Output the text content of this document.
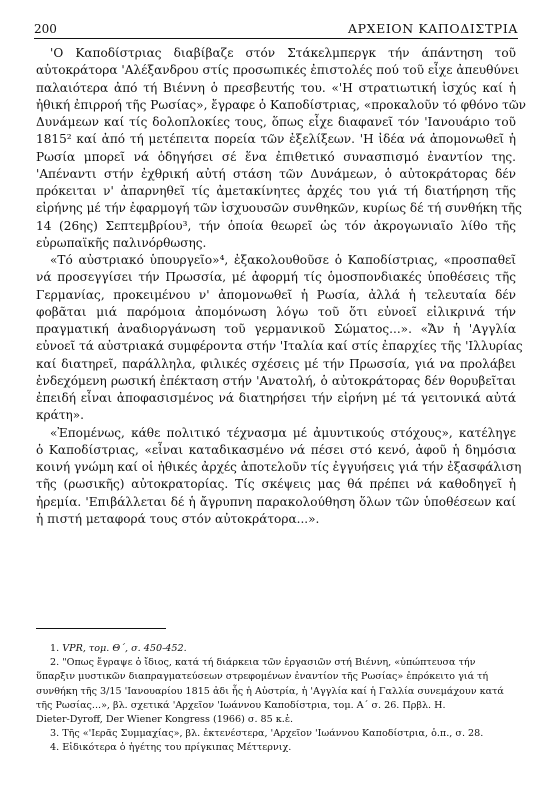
200	ΑΡΧΕΙΟΝ ΚΑΠΟΔΙΣΤΡΙΑ

'Ο Καποδίστριας διαβίβαζε στόν Στάκελμπεργκ τήν άπάντηση τοῦ
αὐτοκράτορα 'Αλέξανδρου στίς προσωπικές ἐπιστολές πού τοῦ εἶχε ἀπευθύνει
παλαιότερα ἀπό τή Βιέννη ὁ πρεσβευτής του. «'Η στρατιωτική ἰσχύς καί ἡ
ἠθική ἐπιρροή τῆς Ρωσίας», ἔγραφε ὁ Καποδίστριας, «προκαλοῦν τό φθόνο τῶν
Δυνάμεων καί τίς δολοπλοκίες τους, ὅπως εἶχε διαφανεῖ τόν 'Ιανουάριο τοῦ
1815² καί ἀπό τή μετέπειτα πορεία τῶν ἐξελίξεων. 'Η ἰδέα νά ἀπομονωθεῖ ἡ
Ρωσία μπορεῖ νά ὁδηγήσει σέ ἕνα ἐπιθετικό συνασπισμό ἐναντίον της.
'Απέναντι στήν ἐχθρική αὐτή στάση τῶν Δυνάμεων, ὁ αὐτοκράτορας δέν
πρόκειται ν' ἀπαρνηθεῖ τίς ἀμετακίνητες ἀρχές του γιά τή διατήρηση τῆς
εἰρήνης μέ τήν ἐφαρμογή τῶν ἰσχυουσῶν συνθηκῶν, κυρίως δέ τή συνθήκη τῆς
14 (26ης) Σεπτεμβρίου³, τήν ὁποία θεωρεῖ ὡς τόν ἀκρογωνιαῖο λίθο τῆς
εὐρωπαϊκῆς παλινόρθωσης.

«Τό αὐστριακό ὑπουργεῖο»⁴, ἐξακολουθοῦσε ὁ Καποδίστριας, «προσπαθεῖ
νά προσεγγίσει τήν Πρωσσία, μέ ἀφορμή τίς ὁμοσπονδιακές ὑποθέσεις τῆς
Γερμανίας, προκειμένου ν' ἀπομονωθεῖ ἡ Ρωσία, ἀλλά ἡ τελευταία δέν
φοβᾶται μιά παρόμοια ἀπομόνωση λόγω τοῦ ὅτι εὐνοεῖ εἰλικρινά τήν
πραγματική ἀναδιοργάνωση τοῦ γερμανικοῦ Σώματος...». «Ἄν ἡ 'Αγγλία
εὐνοεῖ τά αὐστριακά συμφέροντα στήν 'Ιταλία καί στίς ἐπαρχίες τῆς 'Ιλλυρίας
καί διατηρεῖ, παράλληλα, φιλικές σχέσεις μέ τήν Πρωσσία, γιά να προλάβει
ἐνδεχόμενη ρωσική ἐπέκταση στήν 'Ανατολή, ὁ αὐτοκράτορας δέν θορυβεῖται
ἐπειδή εἶναι ἀποφασισμένος νά διατηρήσει τήν εἰρήνη μέ τά γειτονικά αὐτά
κράτη».

«Ἐπομένως, κάθε πολιτικό τέχνασμα μέ ἀμυντικούς στόχους», κατέληγε
ὁ Καποδίστριας, «εἶναι καταδικασμένο νά πέσει στό κενό, ἀφοῦ ἡ δημόσια
κοινή γνώμη καί οἱ ἠθικές ἀρχές ἀποτελοῦν τίς ἐγγυήσεις γιά τήν ἐξασφάλιση
τῆς (ρωσικῆς) αὐτοκρατορίας. Τίς σκέψεις μας θά πρέπει νά καθοδηγεῖ ἡ
ἠρεμία. 'Επιβάλλεται δέ ἡ ἄγρυπνη παρακολούθηση ὅλων τῶν ὑποθέσεων καί
ἡ πιστή μεταφορά τους στόν αὐτοκράτορα...».

1. VPR, τομ. Θ΄, σ. 450-452.
2. "Οπως ἔγραψε ὁ ἴδιος, κατά τή διάρκεια τῶν ἐργασιῶν στή Βιέννη, «ὑπώπτευσα τήν
ὕπαρξιν μυστικῶν διαπραγματεύσεων στρεφομένων ἐναντίον τῆς Ρωσίας» ἐπρόκειτο γιά τή
συνθήκη τῆς 3/15 'Ιανουαρίου 1815 ἀδι ἧς ἡ Αὐστρία, ἡ 'Αγγλία καί ἡ Γαλλία συνεμάχουν κατά
τῆς Ρωσίας...», βλ. σχετικά 'Αρχεῖον 'Ιωάννου Καποδίστρια, τομ. Α΄ σ. 26. Πρβλ. H.
Dieter-Dyroff, Der Wiener Kongress (1966) σ. 85 κ.ἑ.
3. Τῆς «'Ιερᾶς Συμμαχίας», βλ. ἐκτενέστερα, 'Αρχεῖον 'Ιωάννου Καποδίστρια, ὁ.π., σ. 28.
4. Εἰδικότερα ὁ ἡγέτης του πρίγκιπας Μέττερνιχ.
